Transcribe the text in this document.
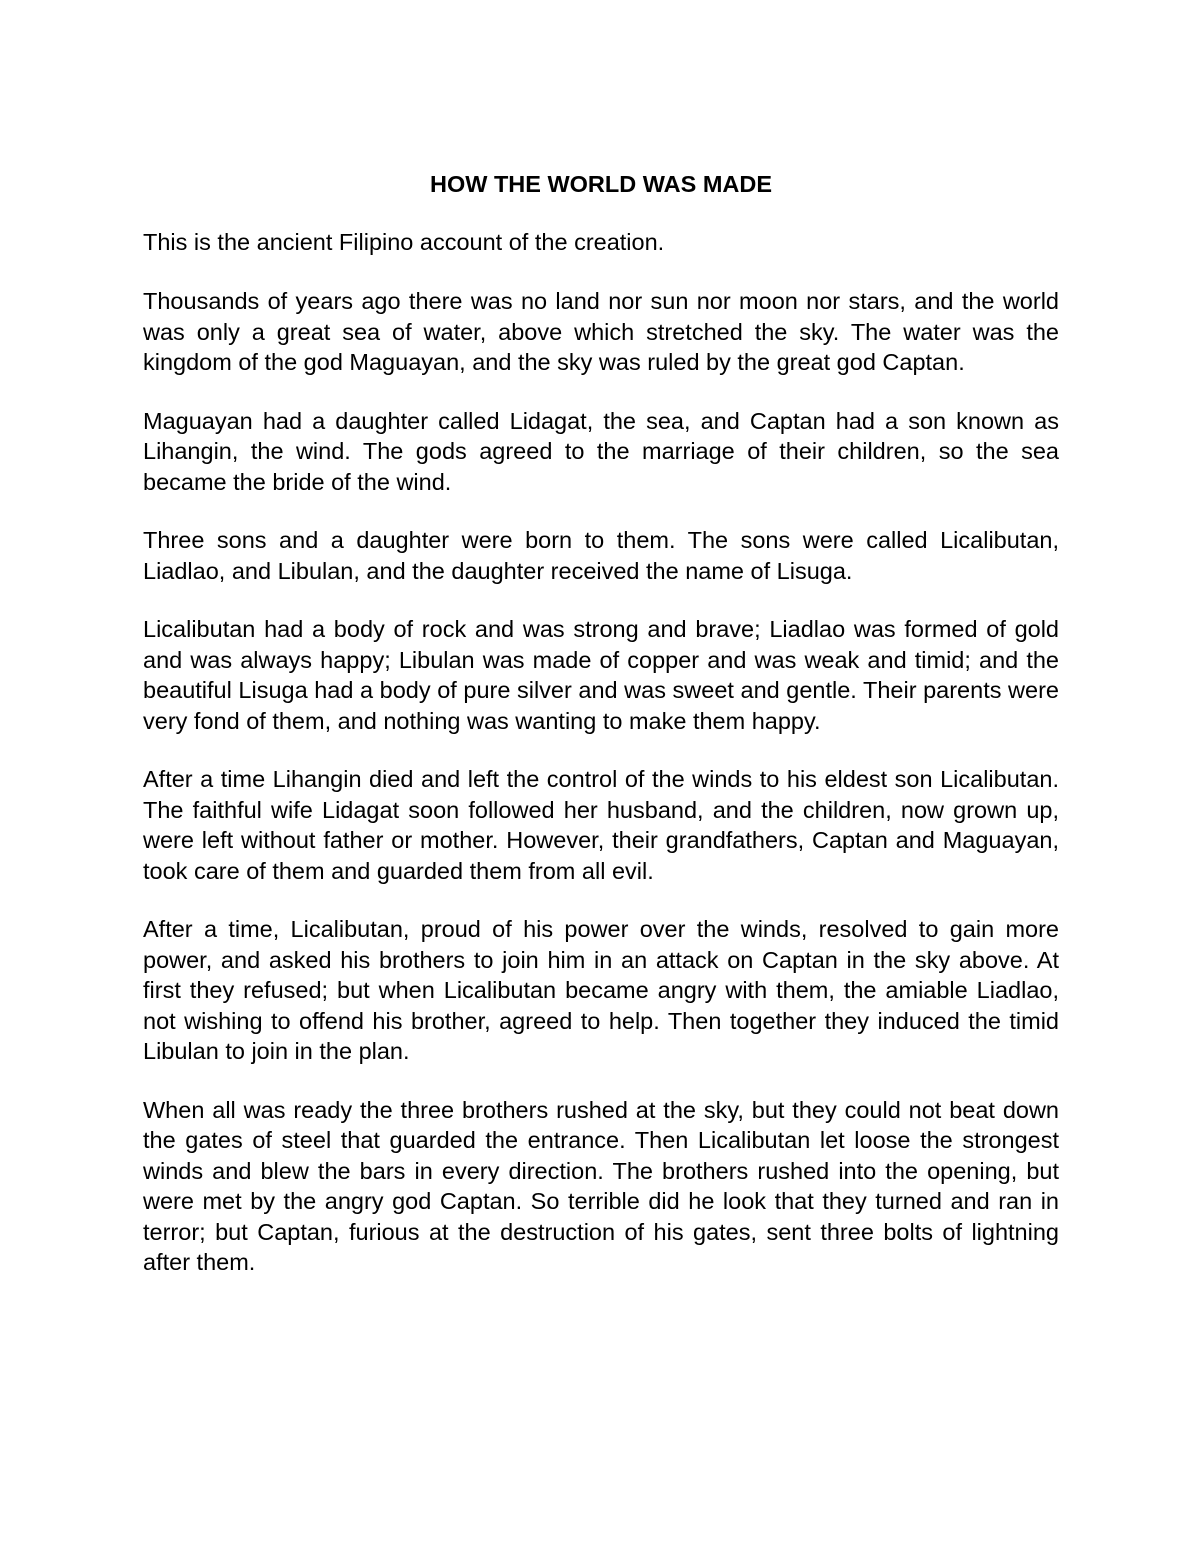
HOW THE WORLD WAS MADE

This is the ancient Filipino account of the creation.

Thousands of years ago there was no land nor sun nor moon nor stars, and the world was only a great sea of water, above which stretched the sky. The water was the kingdom of the god Maguayan, and the sky was ruled by the great god Captan.

Maguayan had a daughter called Lidagat, the sea, and Captan had a son known as Lihangin, the wind. The gods agreed to the marriage of their children, so the sea became the bride of the wind.

Three sons and a daughter were born to them. The sons were called Licalibutan, Liadlao, and Libulan, and the daughter received the name of Lisuga.

Licalibutan had a body of rock and was strong and brave; Liadlao was formed of gold and was always happy; Libulan was made of copper and was weak and timid; and the beautiful Lisuga had a body of pure silver and was sweet and gentle. Their parents were very fond of them, and nothing was wanting to make them happy.

After a time Lihangin died and left the control of the winds to his eldest son Licalibutan. The faithful wife Lidagat soon followed her husband, and the children, now grown up, were left without father or mother. However, their grandfathers, Captan and Maguayan, took care of them and guarded them from all evil.

After a time, Licalibutan, proud of his power over the winds, resolved to gain more power, and asked his brothers to join him in an attack on Captan in the sky above. At first they refused; but when Licalibutan became angry with them, the amiable Liadlao, not wishing to offend his brother, agreed to help. Then together they induced the timid Libulan to join in the plan.

When all was ready the three brothers rushed at the sky, but they could not beat down the gates of steel that guarded the entrance. Then Licalibutan let loose the strongest winds and blew the bars in every direction. The brothers rushed into the opening, but were met by the angry god Captan. So terrible did he look that they turned and ran in terror; but Captan, furious at the destruction of his gates, sent three bolts of lightning after them.
